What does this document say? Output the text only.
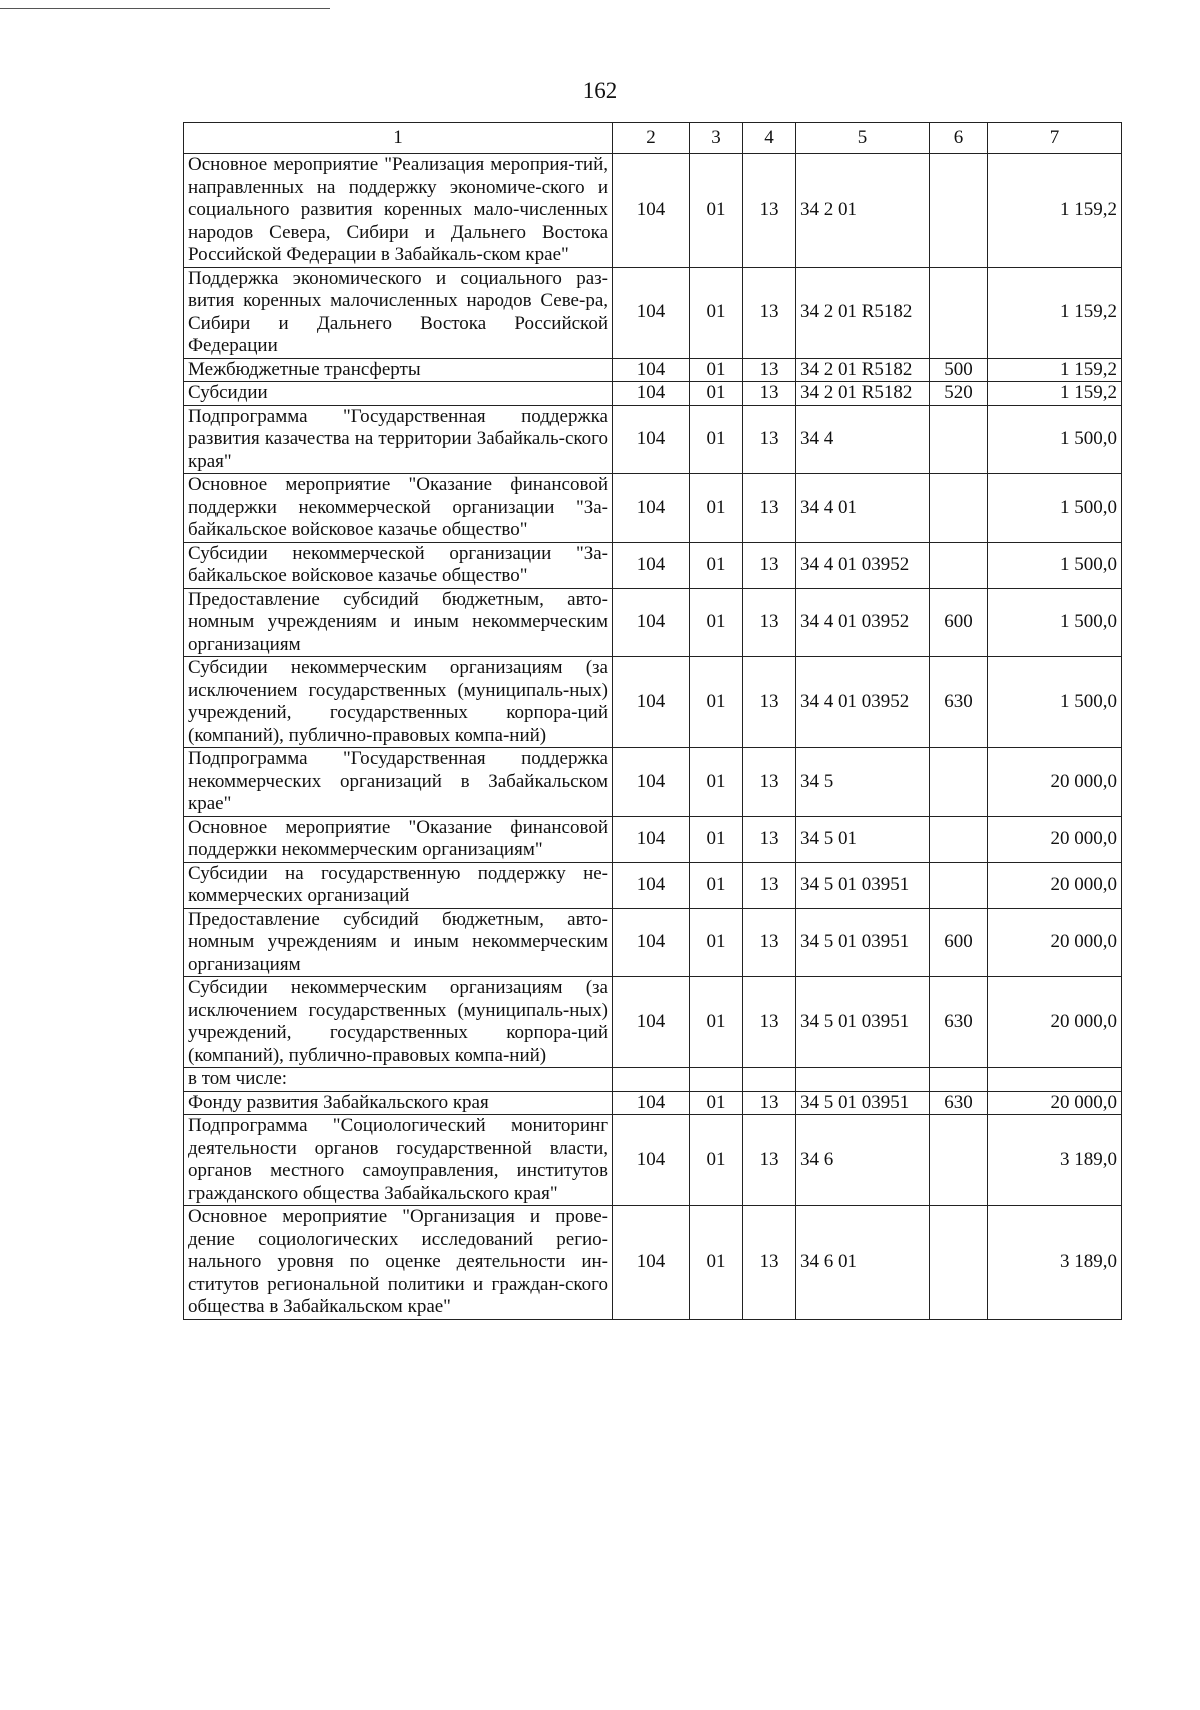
162
1	2	3	4	5	6	7
Основное мероприятие "Реализация мероприя-тий, направленных на поддержку экономиче-ского и социального развития коренных мало-численных народов Севера, Сибири и Дальнего Востока Российской Федерации в Забайкаль-ском крае"	104	01	13	34 2 01		1 159,2
Поддержка экономического и социального раз-вития коренных малочисленных народов Севе-ра, Сибири и Дальнего Востока Российской Федерации	104	01	13	34 2 01 R5182		1 159,2
Межбюджетные трансферты	104	01	13	34 2 01 R5182	500	1 159,2
Субсидии	104	01	13	34 2 01 R5182	520	1 159,2
Подпрограмма "Государственная поддержка развития казачества на территории Забайкаль-ского края"	104	01	13	34 4		1 500,0
Основное мероприятие "Оказание финансовой поддержки некоммерческой организации "За-байкальское войсковое казачье общество"	104	01	13	34 4 01		1 500,0
Субсидии некоммерческой организации "За-байкальское войсковое казачье общество"	104	01	13	34 4 01 03952		1 500,0
Предоставление субсидий бюджетным, авто-номным учреждениям и иным некоммерческим организациям	104	01	13	34 4 01 03952	600	1 500,0
Субсидии некоммерческим организациям (за исключением государственных (муниципаль-ных) учреждений, государственных корпора-ций (компаний), публично-правовых компа-ний)	104	01	13	34 4 01 03952	630	1 500,0
Подпрограмма "Государственная поддержка некоммерческих организаций в Забайкальском крае"	104	01	13	34 5		20 000,0
Основное мероприятие "Оказание финансовой поддержки некоммерческим организациям"	104	01	13	34 5 01		20 000,0
Субсидии на государственную поддержку не-коммерческих организаций	104	01	13	34 5 01 03951		20 000,0
Предоставление субсидий бюджетным, авто-номным учреждениям и иным некоммерческим организациям	104	01	13	34 5 01 03951	600	20 000,0
Субсидии некоммерческим организациям (за исключением государственных (муниципаль-ных) учреждений, государственных корпора-ций (компаний), публично-правовых компа-ний)	104	01	13	34 5 01 03951	630	20 000,0
в том числе:						
Фонду развития Забайкальского края	104	01	13	34 5 01 03951	630	20 000,0
Подпрограмма "Социологический мониторинг деятельности органов государственной власти, органов местного самоуправления, институтов гражданского общества Забайкальского края"	104	01	13	34 6		3 189,0
Основное мероприятие "Организация и прове-дение социологических исследований регио-нального уровня по оценке деятельности ин-ститутов региональной политики и граждан-ского общества в Забайкальском крае"	104	01	13	34 6 01		3 189,0
